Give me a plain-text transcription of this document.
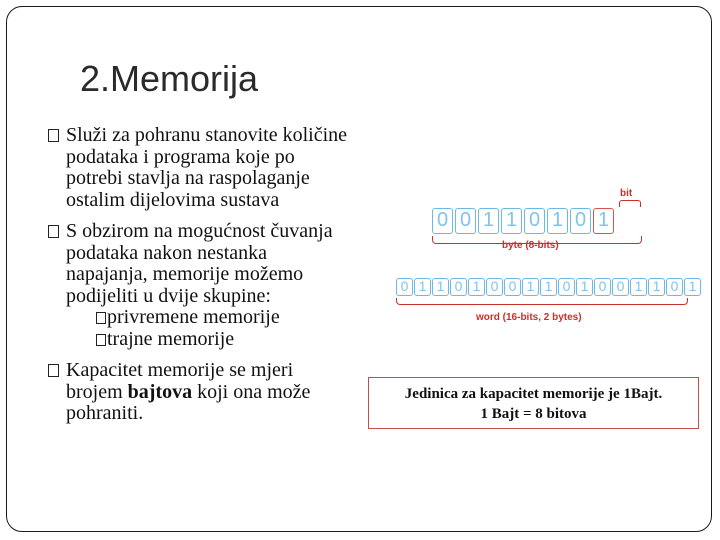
2.Memorija
Služi za pohranu stanovite količine podataka i programa koje po potrebi stavlja na raspolaganje ostalim dijelovima sustava
S obzirom na mogućnost čuvanja podataka nakon nestanka napajanja, memorije možemo podijeliti u dvije skupine:
privremene memorije
trajne memorije
Kapacitet memorije se mjeri brojem bajtova koji ona može pohraniti.
bit
0 0 1 1 0 1 0 1
byte (8-bits)
0 1 1 0 1 0 0 1 1 0 1 0 0 1 1 0 1
word (16-bits, 2 bytes)
Jedinica za kapacitet memorije je 1Bajt.
1 Bajt = 8 bitova
